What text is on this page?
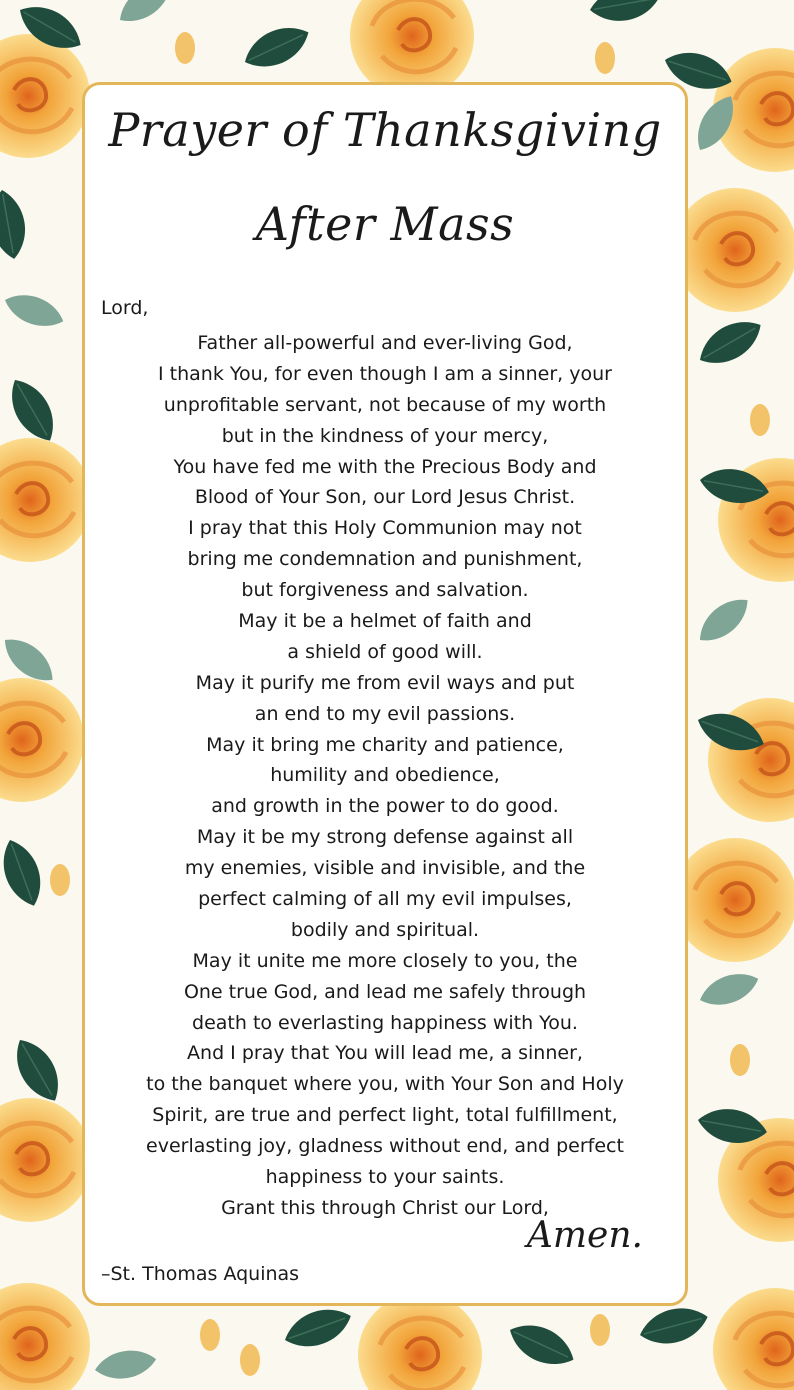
Prayer of Thanksgiving
After Mass
Lord,
Father all-powerful and ever-living God,
I thank You, for even though I am a sinner, your
unprofitable servant, not because of my worth
but in the kindness of your mercy,
You have fed me with the Precious Body and
Blood of Your Son, our Lord Jesus Christ.
I pray that this Holy Communion may not
bring me condemnation and punishment,
but forgiveness and salvation.
May it be a helmet of faith and
a shield of good will.
May it purify me from evil ways and put
an end to my evil passions.
May it bring me charity and patience,
humility and obedience,
and growth in the power to do good.
May it be my strong defense against all
my enemies, visible and invisible, and the
perfect calming of all my evil impulses,
bodily and spiritual.
May it unite me more closely to you, the
One true God, and lead me safely through
death to everlasting happiness with You.
And I pray that You will lead me, a sinner,
to the banquet where you, with Your Son and Holy
Spirit, are true and perfect light, total fulfillment,
everlasting joy, gladness without end, and perfect
happiness to your saints.
Grant this through Christ our Lord,
Amen.
–St. Thomas Aquinas
